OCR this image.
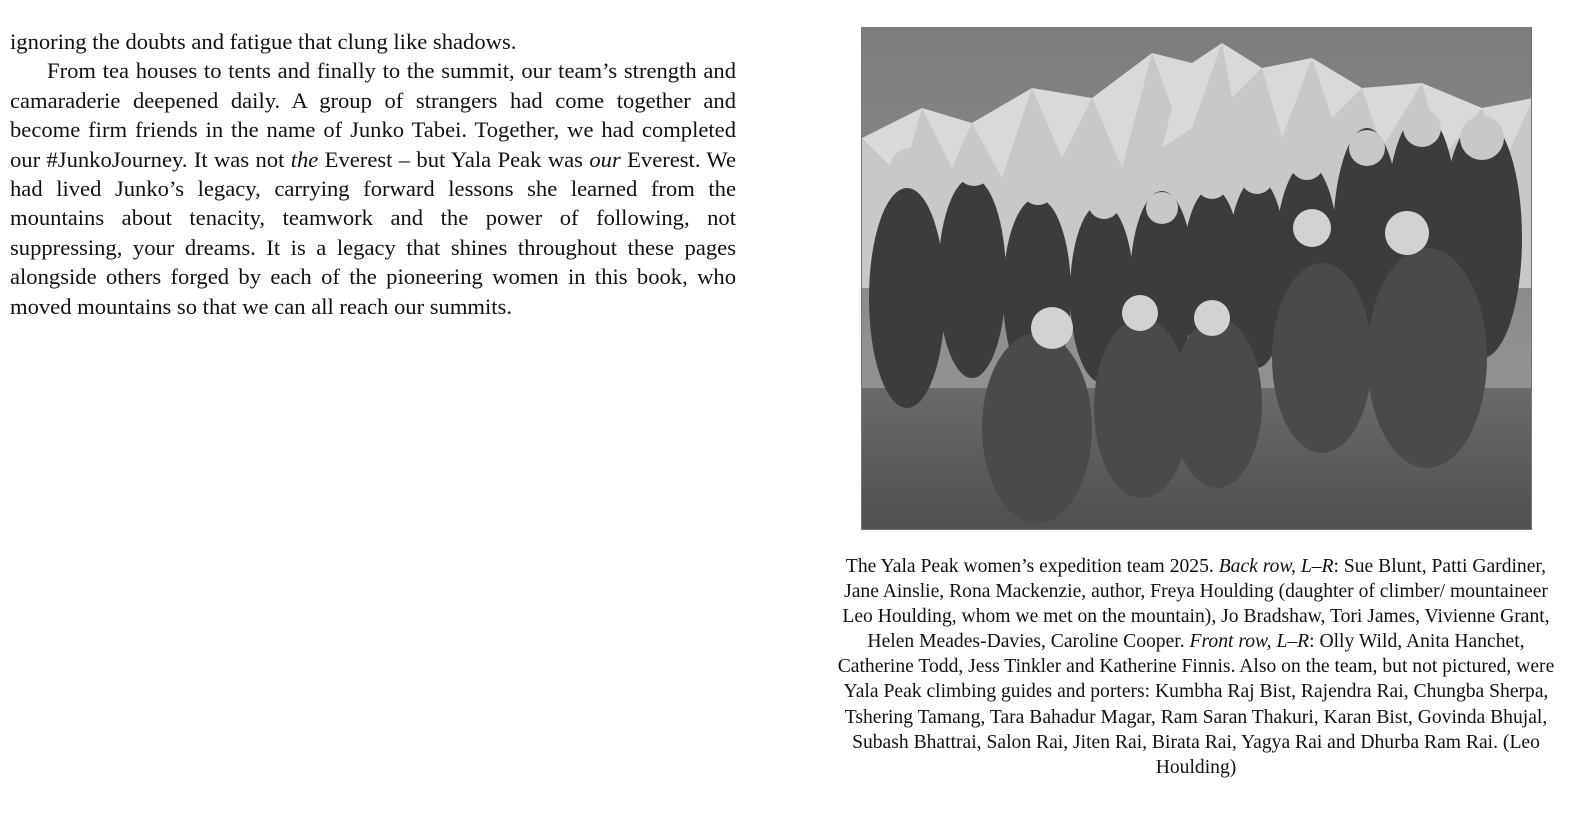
ignoring the doubts and fatigue that clung like shadows.

From tea houses to tents and finally to the summit, our team’s strength and camaraderie deepened daily. A group of strangers had come together and become firm friends in the name of Junko Tabei. Together, we had completed our #JunkoJourney. It was not the Everest – but Yala Peak was our Everest. We had lived Junko’s legacy, carrying forward lessons she learned from the mountains about tenacity, teamwork and the power of following, not suppressing, your dreams. It is a legacy that shines throughout these pages alongside others forged by each of the pioneering women in this book, who moved mountains so that we can all reach our summits.

The Yala Peak women’s expedition team 2025. Back row, L–R: Sue Blunt, Patti Gardiner, Jane Ainslie, Rona Mackenzie, author, Freya Houlding (daughter of climber/ mountaineer Leo Houlding, whom we met on the mountain), Jo Bradshaw, Tori James, Vivienne Grant, Helen Meades-Davies, Caroline Cooper. Front row, L–R: Olly Wild, Anita Hanchet, Catherine Todd, Jess Tinkler and Katherine Finnis. Also on the team, but not pictured, were Yala Peak climbing guides and porters: Kumbha Raj Bist, Rajendra Rai, Chungba Sherpa, Tshering Tamang, Tara Bahadur Magar, Ram Saran Thakuri, Karan Bist, Govinda Bhujal, Subash Bhattrai, Salon Rai, Jiten Rai, Birata Rai, Yagya Rai and Dhurba Ram Rai. (Leo Houlding)
